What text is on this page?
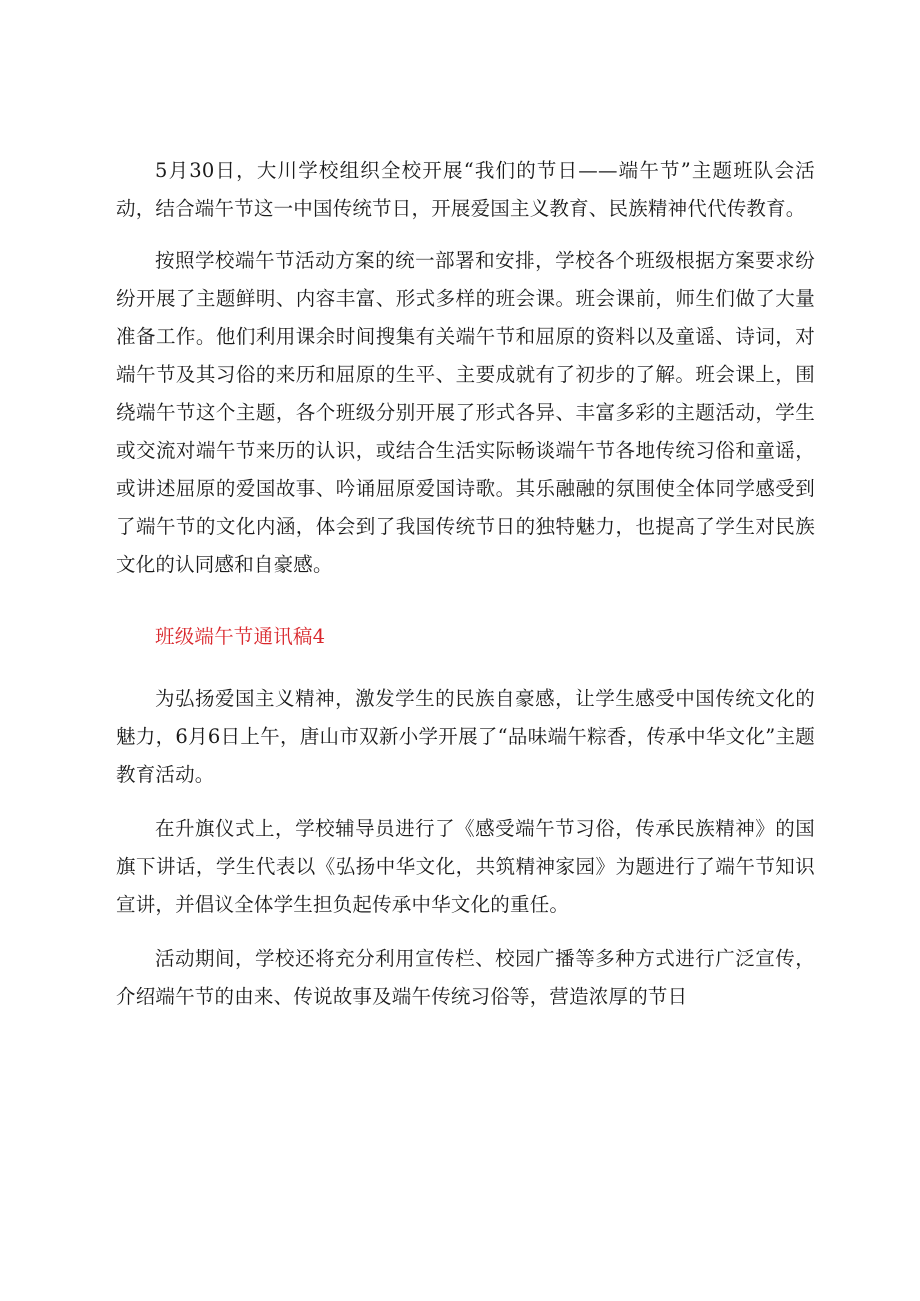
5月30日，大川学校组织全校开展“我们的节日——端午节”主题班队会活动，结合端午节这一中国传统节日，开展爱国主义教育、民族精神代代传教育。

按照学校端午节活动方案的统一部署和安排，学校各个班级根据方案要求纷纷开展了主题鲜明、内容丰富、形式多样的班会课。班会课前，师生们做了大量准备工作。他们利用课余时间搜集有关端午节和屈原的资料以及童谣、诗词，对端午节及其习俗的来历和屈原的生平、主要成就有了初步的了解。班会课上，围绕端午节这个主题，各个班级分别开展了形式各异、丰富多彩的主题活动，学生或交流对端午节来历的认识，或结合生活实际畅谈端午节各地传统习俗和童谣，或讲述屈原的爱国故事、吟诵屈原爱国诗歌。其乐融融的氛围使全体同学感受到了端午节的文化内涵，体会到了我国传统节日的独特魅力，也提高了学生对民族文化的认同感和自豪感。

班级端午节通讯稿4

为弘扬爱国主义精神，激发学生的民族自豪感，让学生感受中国传统文化的魅力，6月6日上午，唐山市双新小学开展了“品味端午粽香，传承中华文化”主题教育活动。

在升旗仪式上，学校辅导员进行了《感受端午节习俗，传承民族精神》的国旗下讲话，学生代表以《弘扬中华文化，共筑精神家园》为题进行了端午节知识宣讲，并倡议全体学生担负起传承中华文化的重任。

活动期间，学校还将充分利用宣传栏、校园广播等多种方式进行广泛宣传，介绍端午节的由来、传说故事及端午传统习俗等，营造浓厚的节日
